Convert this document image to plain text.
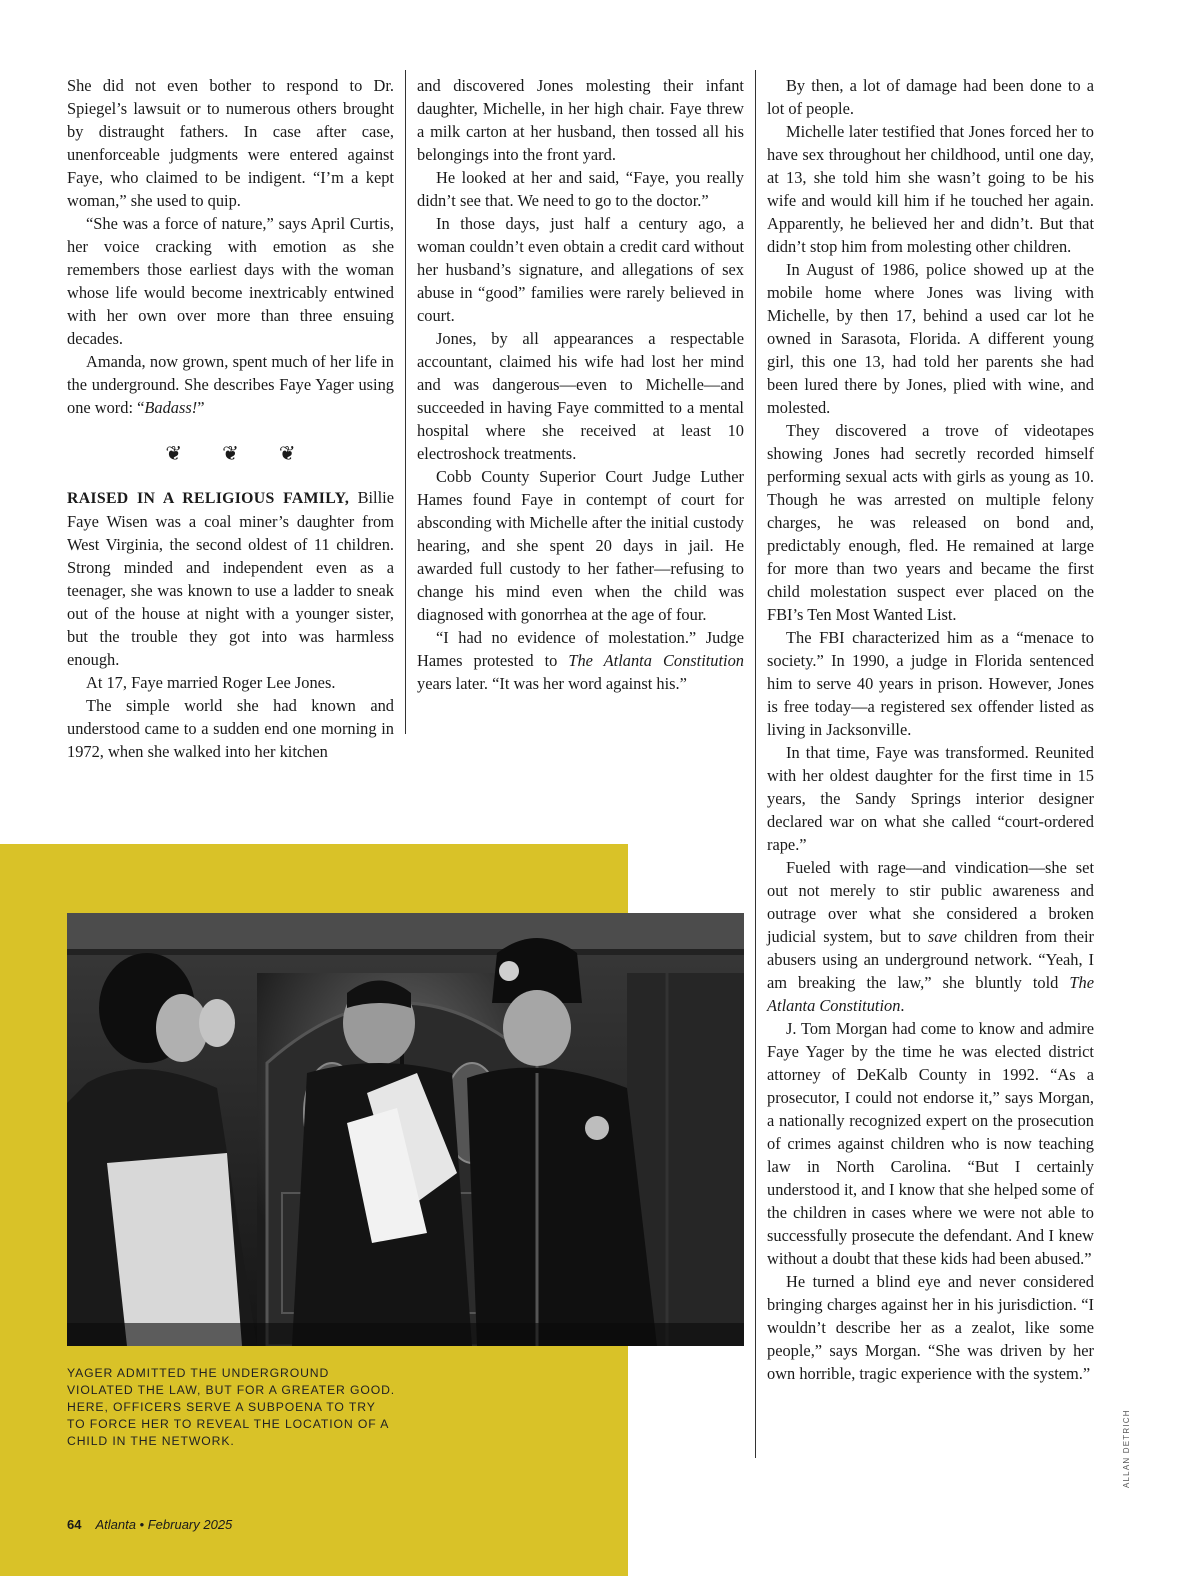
She did not even bother to respond to Dr. Spiegel’s lawsuit or to numerous others brought by distraught fathers. In case after case, unenforceable judgments were entered against Faye, who claimed to be indigent. “I’m a kept woman,” she used to quip.

“She was a force of nature,” says April Curtis, her voice cracking with emotion as she remembers those earliest days with the woman whose life would become inextricably entwined with her own over more than three ensuing decades.

Amanda, now grown, spent much of her life in the underground. She describes Faye Yager using one word: “Badass!”

❦ ❦ ❦

RAISED IN A RELIGIOUS FAMILY, Billie Faye Wisen was a coal miner’s daughter from West Virginia, the second oldest of 11 children. Strong minded and independent even as a teenager, she was known to use a ladder to sneak out of the house at night with a younger sister, but the trouble they got into was harmless enough.

At 17, Faye married Roger Lee Jones.

The simple world she had known and understood came to a sudden end one morning in 1972, when she walked into her kitchen

and discovered Jones molesting their infant daughter, Michelle, in her high chair. Faye threw a milk carton at her husband, then tossed all his belongings into the front yard.

He looked at her and said, “Faye, you really didn’t see that. We need to go to the doctor.”

In those days, just half a century ago, a woman couldn’t even obtain a credit card without her husband’s signature, and allegations of sex abuse in “good” families were rarely believed in court.

Jones, by all appearances a respectable accountant, claimed his wife had lost her mind and was dangerous—even to Michelle—and succeeded in having Faye committed to a mental hospital where she received at least 10 electroshock treatments.

Cobb County Superior Court Judge Luther Hames found Faye in contempt of court for absconding with Michelle after the initial custody hearing, and she spent 20 days in jail. He awarded full custody to her father—refusing to change his mind even when the child was diagnosed with gonorrhea at the age of four.

“I had no evidence of molestation.” Judge Hames protested to The Atlanta Constitution years later. “It was her word against his.”

By then, a lot of damage had been done to a lot of people.

Michelle later testified that Jones forced her to have sex throughout her childhood, until one day, at 13, she told him she wasn’t going to be his wife and would kill him if he touched her again. Apparently, he believed her and didn’t. But that didn’t stop him from molesting other children.

In August of 1986, police showed up at the mobile home where Jones was living with Michelle, by then 17, behind a used car lot he owned in Sarasota, Florida. A different young girl, this one 13, had told her parents she had been lured there by Jones, plied with wine, and molested.

They discovered a trove of videotapes showing Jones had secretly recorded himself performing sexual acts with girls as young as 10. Though he was arrested on multiple felony charges, he was released on bond and, predictably enough, fled. He remained at large for more than two years and became the first child molestation suspect ever placed on the FBI’s Ten Most Wanted List.

The FBI characterized him as a “menace to society.” In 1990, a judge in Florida sentenced him to serve 40 years in prison. However, Jones is free today—a registered sex offender listed as living in Jacksonville.

In that time, Faye was transformed. Reunited with her oldest daughter for the first time in 15 years, the Sandy Springs interior designer declared war on what she called “court-ordered rape.”

Fueled with rage—and vindication—she set out not merely to stir public awareness and outrage over what she considered a broken judicial system, but to save children from their abusers using an underground network. “Yeah, I am breaking the law,” she bluntly told The Atlanta Constitution.

J. Tom Morgan had come to know and admire Faye Yager by the time he was elected district attorney of DeKalb County in 1992. “As a prosecutor, I could not endorse it,” says Morgan, a nationally recognized expert on the prosecution of crimes against children who is now teaching law in North Carolina. “But I certainly understood it, and I know that she helped some of the children in cases where we were not able to successfully prosecute the defendant. And I knew without a doubt that these kids had been abused.”

He turned a blind eye and never considered bringing charges against her in his jurisdiction. “I wouldn’t describe her as a zealot, like some people,” says Morgan. “She was driven by her own horrible, tragic experience with the system.”

YAGER ADMITTED THE UNDERGROUND VIOLATED THE LAW, BUT FOR A GREATER GOOD. HERE, OFFICERS SERVE A SUBPOENA TO TRY TO FORCE HER TO REVEAL THE LOCATION OF A CHILD IN THE NETWORK.
64 Atlanta • February 2025
ALLAN DETRICH
